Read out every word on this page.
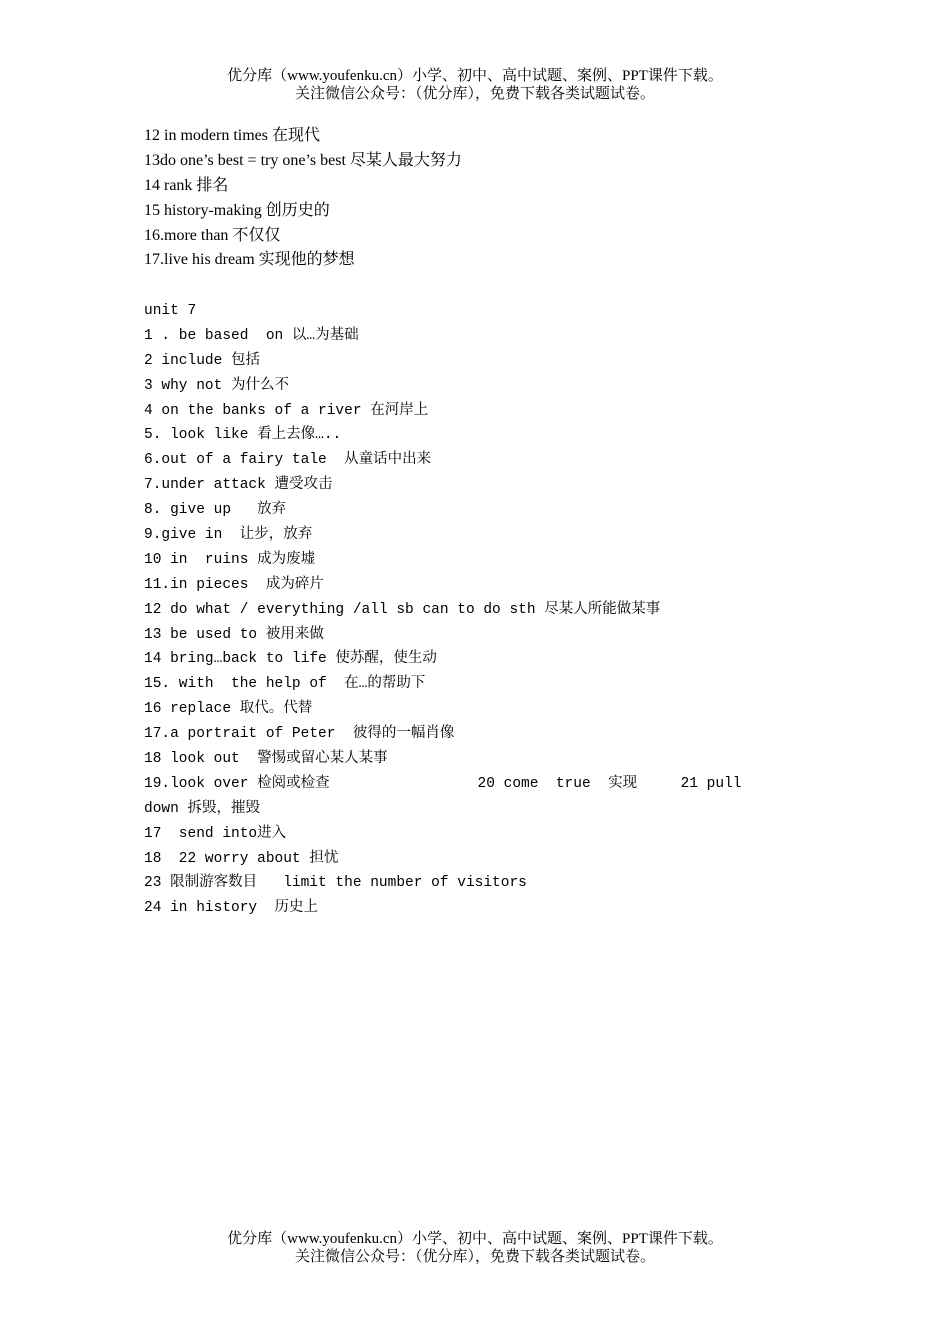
优分库（www.youfenku.cn）小学、初中、高中试题、案例、PPT课件下载。
关注微信公众号：（优分库），免费下载各类试题试卷。
12 in modern times 在现代
13do one’s best = try one’s best 尽某人最大努力
14 rank 排名
15 history-making 创历史的
16.more than 不仅仅
17.live his dream 实现他的梦想
unit 7
1 . be based  on 以…为基础
2 include 包括
3 why not 为什么不
4 on the banks of a river 在河岸上
5. look like 看上去像…..
6.out of a fairy tale  从童话中出来
7.under attack 遭受攻击
8. give up   放弃
9.give in  让步，放弃
10 in  ruins 成为废墟
11.in pieces  成为碎片
12 do what / everything /all sb can to do sth 尽某人所能做某事
13 be used to 被用来做
14 bring…back to life 使苏醒，使生动
15. with  the help of  在…的帮助下
16 replace 取代。代替
17.a portrait of Peter  彼得的一幅肖像
18 look out  警惕或留心某人某事
19.look over 检阅或检查                 20 come  true  实现     21 pull
down 拆毁，摧毁
17  send into进入
18  22 worry about 担忧
23 限制游客数目   limit the number of visitors
24 in history  历史上
优分库（www.youfenku.cn）小学、初中、高中试题、案例、PPT课件下载。
关注微信公众号：（优分库），免费下载各类试题试卷。
